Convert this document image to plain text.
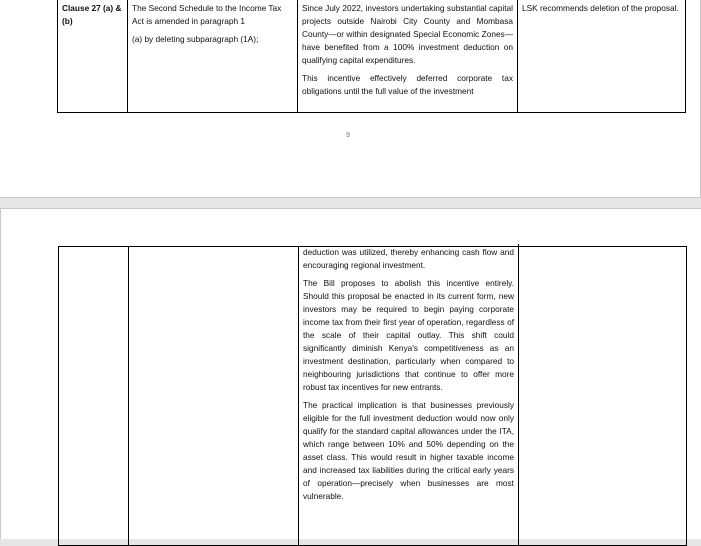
Clause 27 (a) & (b)

The Second Schedule to the Income Tax Act is amended in paragraph 1

(a) by deleting subparagraph (1A);

Since July 2022, investors undertaking substantial capital projects outside Nairobi City County and Mombasa County—or within designated Special Economic Zones—have benefited from a 100% investment deduction on qualifying capital expenditures.

This incentive effectively deferred corporate tax obligations until the full value of the investment

LSK recommends deletion of the proposal.

9

deduction was utilized, thereby enhancing cash flow and encouraging regional investment.

The Bill proposes to abolish this incentive entirely. Should this proposal be enacted in its current form, new investors may be required to begin paying corporate income tax from their first year of operation, regardless of the scale of their capital outlay. This shift could significantly diminish Kenya's competitiveness as an investment destination, particularly when compared to neighbouring jurisdictions that continue to offer more robust tax incentives for new entrants.

The practical implication is that businesses previously eligible for the full investment deduction would now only qualify for the standard capital allowances under the ITA, which range between 10% and 50% depending on the asset class. This would result in higher taxable income and increased tax liabilities during the critical early years of operation—precisely when businesses are most vulnerable.
